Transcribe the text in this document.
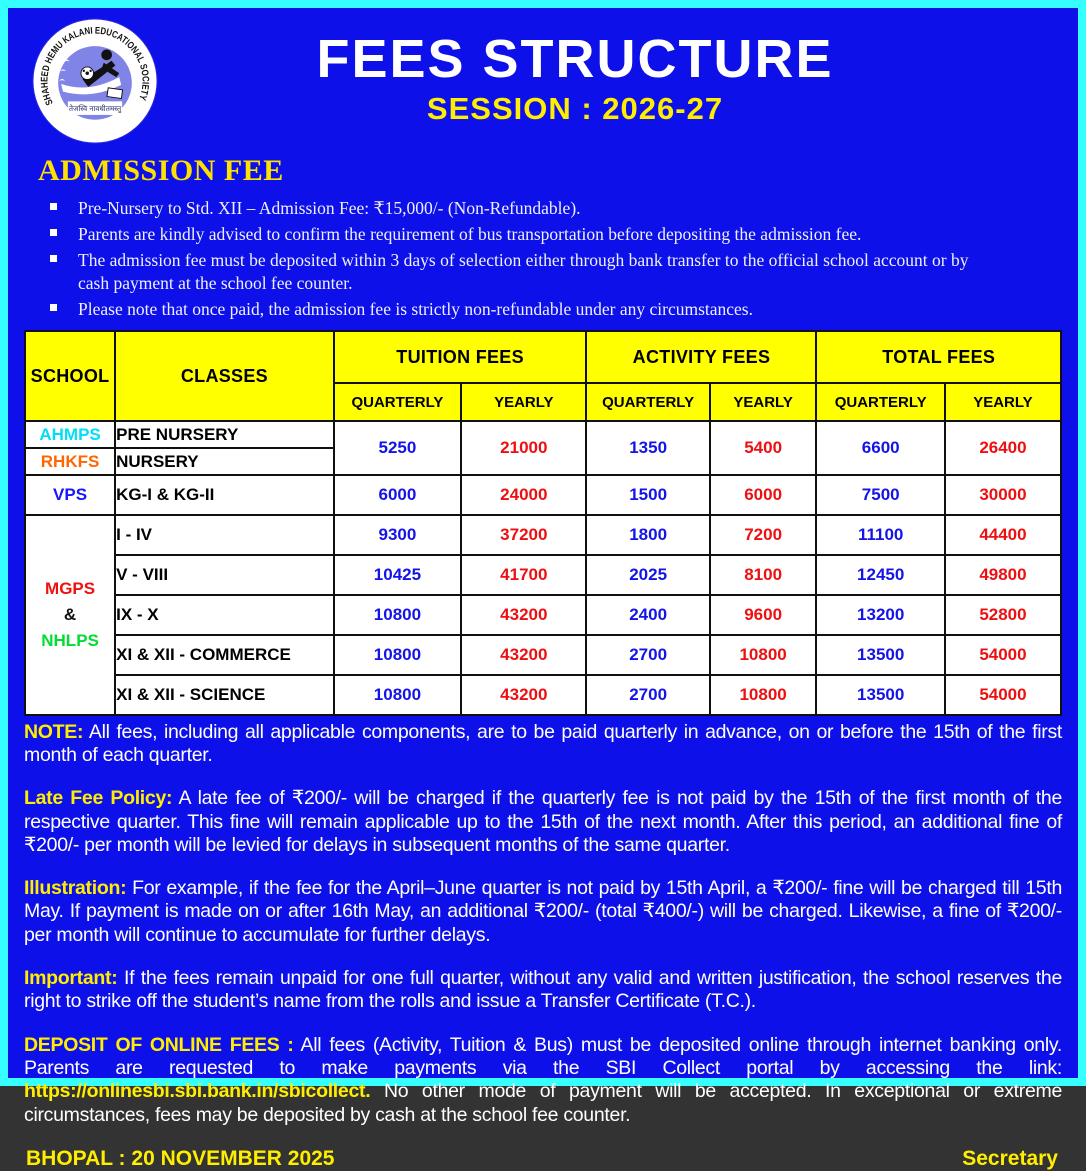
SHAHEED HEMU KALANI EDUCATIONAL SOCIETY
तेजस्वि नावधीतमस्तु
FEES STRUCTURE
SESSION : 2026-27
ADMISSION FEE
Pre-Nursery to Std. XII – Admission Fee: ₹15,000/- (Non-Refundable).
Parents are kindly advised to confirm the requirement of bus transportation before depositing the admission fee.
The admission fee must be deposited within 3 days of selection either through bank transfer to the official school account or by cash payment at the school fee counter.
Please note that once paid, the admission fee is strictly non-refundable under any circumstances.
SCHOOL	CLASSES	TUITION FEES		ACTIVITY FEES		TOTAL FEES	
		QUARTERLY	YEARLY	QUARTERLY	YEARLY	QUARTERLY	YEARLY
AHMPS	PRE NURSERY	5250	21000	1350	5400	6600	26400
RHKFS	NURSERY						
VPS	KG-I & KG-II	6000	24000	1500	6000	7500	30000

MGPS
&
NHLPS	I - IV	9300	37200	1800	7200	11100	44400
	V - VIII	10425	41700	2025	8100	12450	49800
	IX - X	10800	43200	2400	9600	13200	52800
	XI & XII - COMMERCE	10800	43200	2700	10800	13500	54000
	XI & XII - SCIENCE	10800	43200	2700	10800	13500	54000

NOTE: All fees, including all applicable components, are to be paid quarterly in advance, on or before the 15th of the first month of each quarter.

Late Fee Policy: A late fee of ₹200/- will be charged if the quarterly fee is not paid by the 15th of the first month of the respective quarter. This fine will remain applicable up to the 15th of the next month. After this period, an additional fine of ₹200/- per month will be levied for delays in subsequent months of the same quarter.

Illustration: For example, if the fee for the April–June quarter is not paid by 15th April, a ₹200/- fine will be charged till 15th May. If payment is made on or after 16th May, an additional ₹200/- (total ₹400/-) will be charged. Likewise, a fine of ₹200/- per month will continue to accumulate for further delays.

Important: If the fees remain unpaid for one full quarter, without any valid and written justification, the school reserves the right to strike off the student’s name from the rolls and issue a Transfer Certificate (T.C.).

DEPOSIT OF ONLINE FEES : All fees (Activity, Tuition & Bus) must be deposited online through internet banking only. Parents are requested to make payments via the SBI Collect portal by accessing the link: https://onlinesbi.sbi.bank.in/sbicollect. No other mode of payment will be accepted. In exceptional or extreme circumstances, fees may be deposited by cash at the school fee counter.

BHOPAL : 20 NOVEMBER 2025	Secretary
